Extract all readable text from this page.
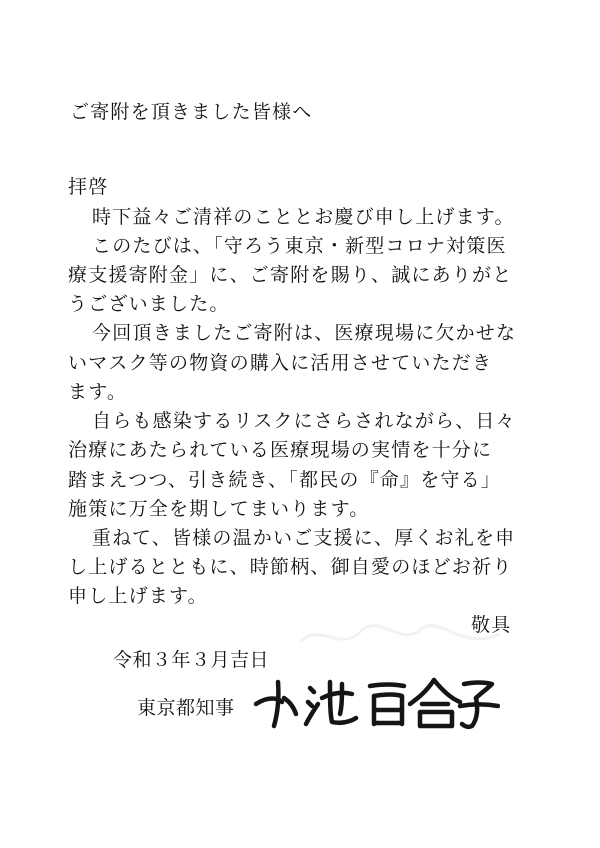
ご寄附を頂きました皆様へ
拝啓
時下益々ご清祥のこととお慶び申し上げます。
このたびは、「守ろう東京・新型コロナ対策医
療支援寄附金」に、ご寄附を賜り、誠にありがと
うございました。
今回頂きましたご寄附は、医療現場に欠かせな
いマスク等の物資の購入に活用させていただき
ます。
自らも感染するリスクにさらされながら、日々
治療にあたられている医療現場の実情を十分に
踏まえつつ、引き続き、「都民の『命』を守る」
施策に万全を期してまいります。
重ねて、皆様の温かいご支援に、厚くお礼を申
し上げるとともに、時節柄、御自愛のほどお祈り
申し上げます。
敬具
令和３年３月吉日
東京都知事
